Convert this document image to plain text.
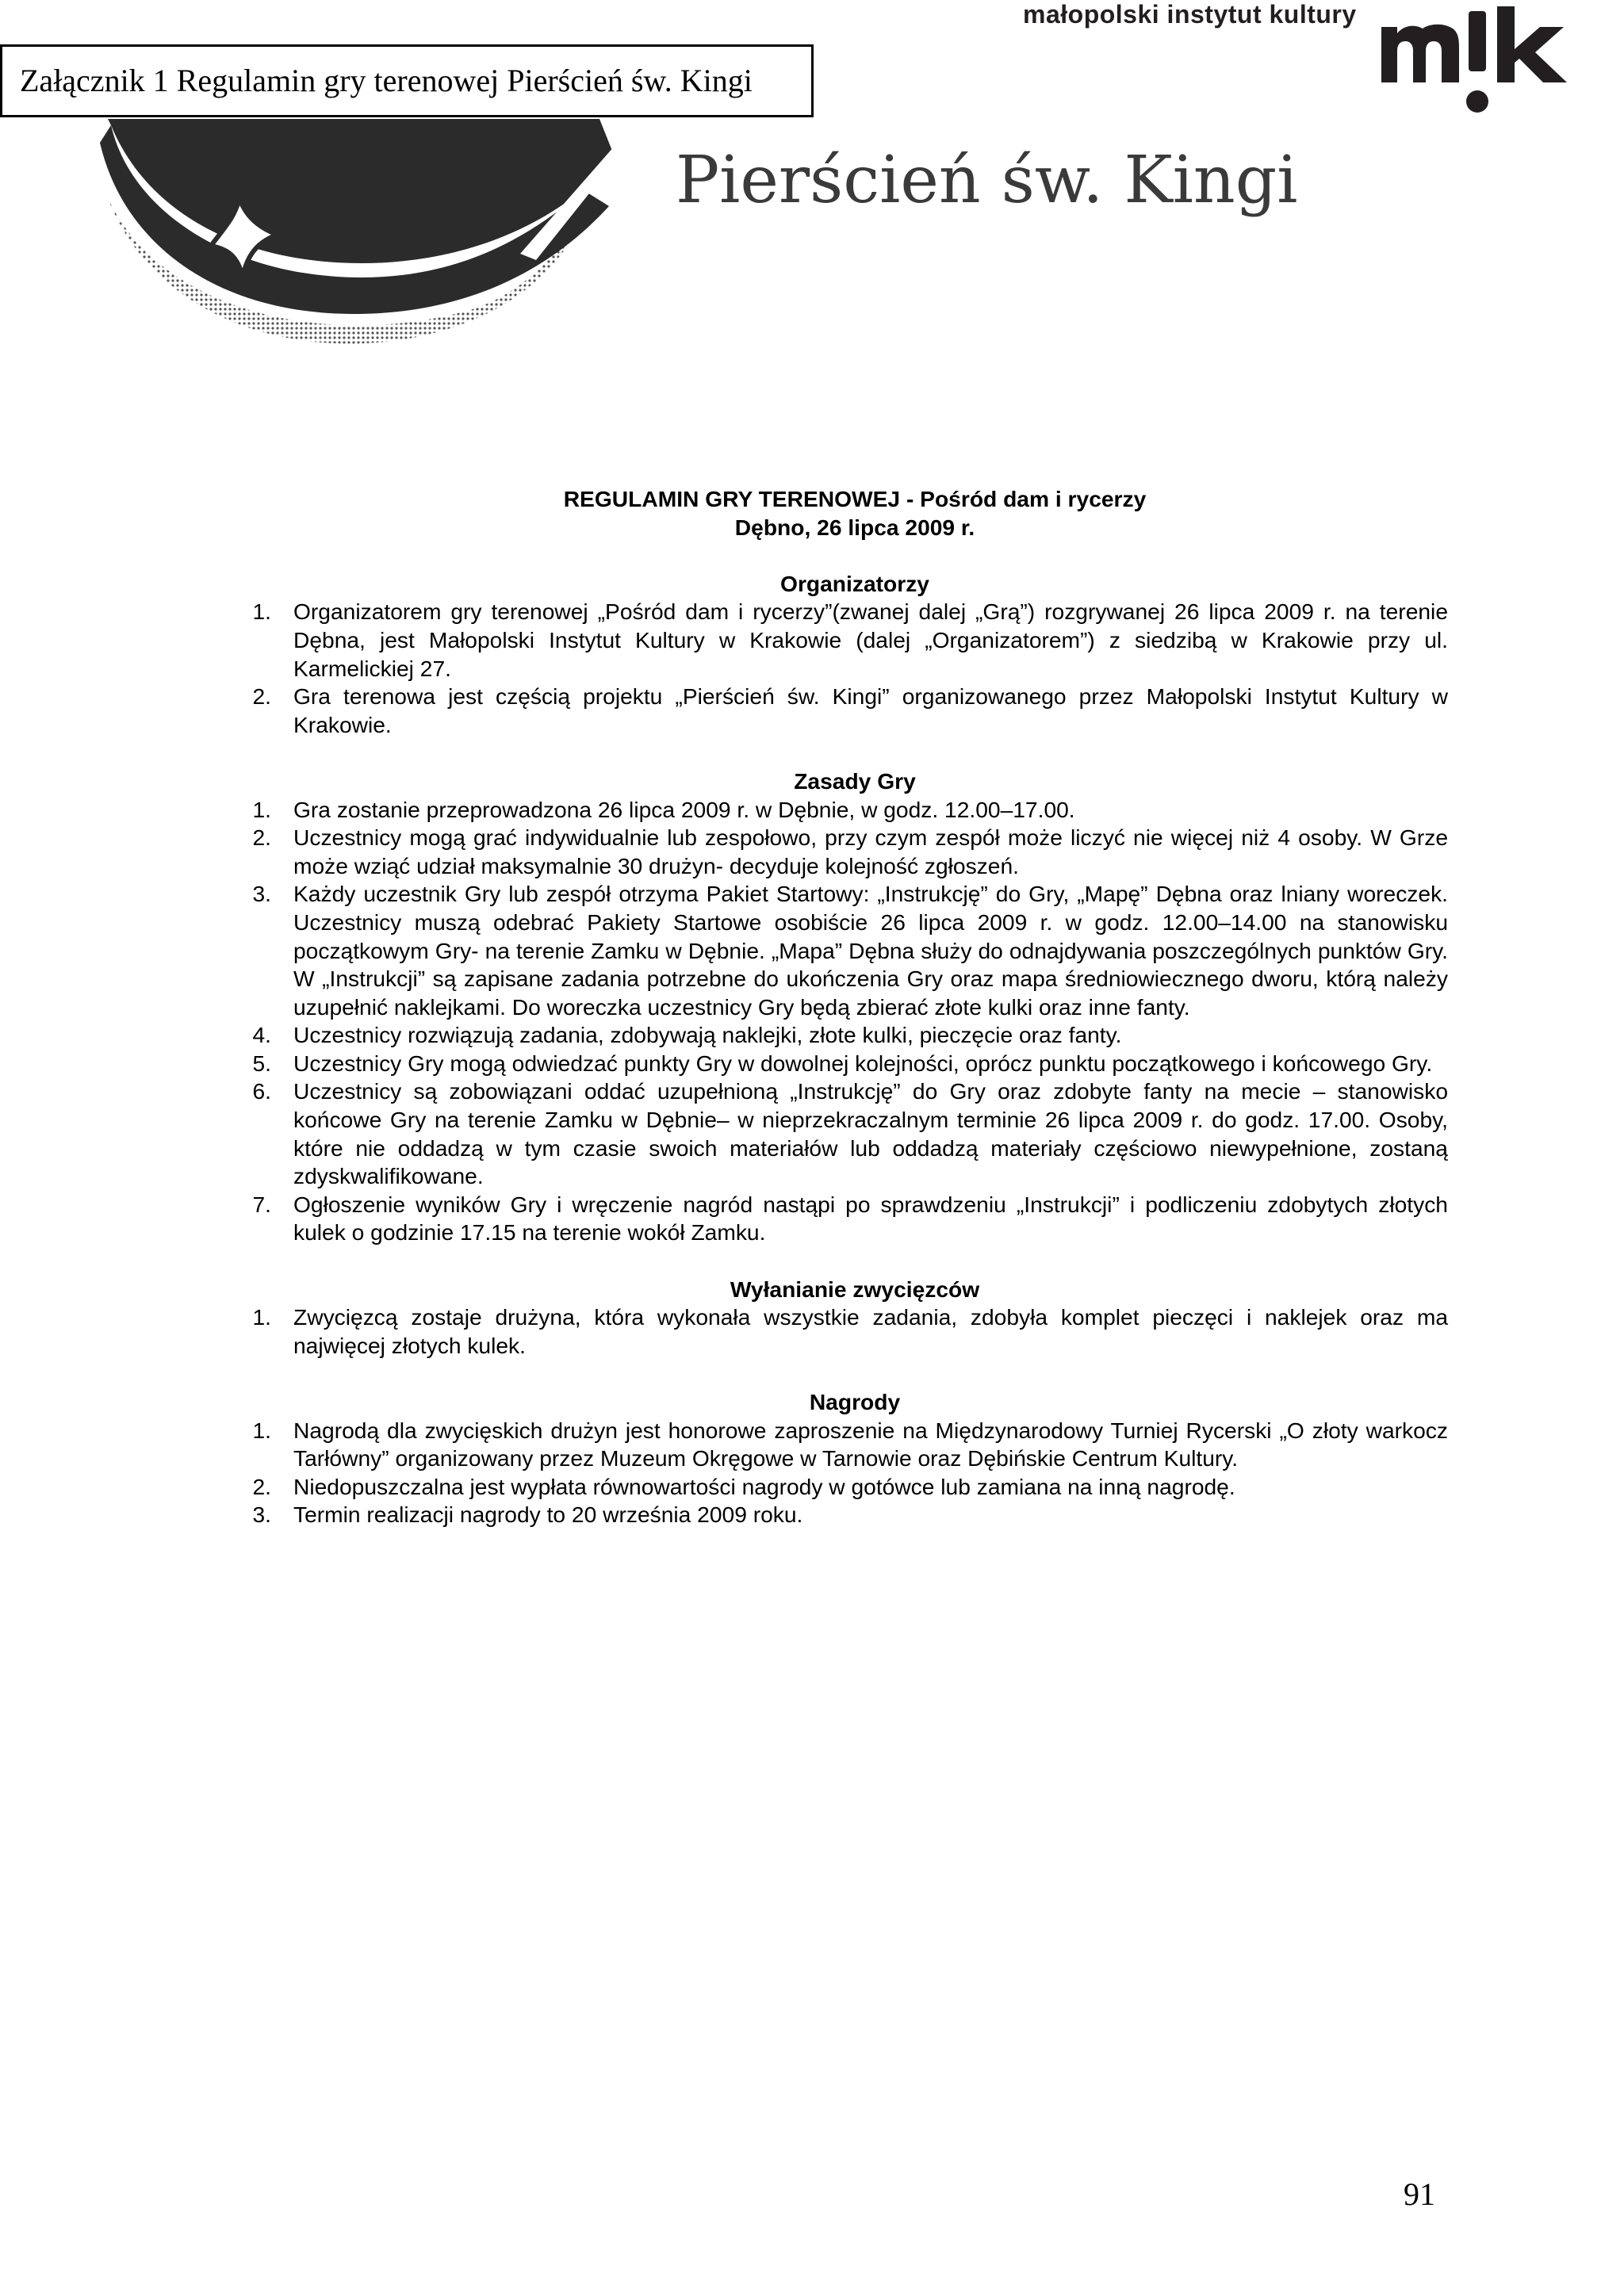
Załącznik 1 Regulamin gry terenowej Pierścień św. Kingi
małopolski instytut kultury
Pierścień św. Kingi
REGULAMIN GRY TERENOWEJ - Pośród dam i rycerzy
Dębno, 26 lipca 2009 r.
Organizatorzy
1. Organizatorem gry terenowej „Pośród dam i rycerzy”(zwanej dalej „Grą”) rozgrywanej 26 lipca 2009 r. na terenie Dębna, jest Małopolski Instytut Kultury w Krakowie (dalej „Organizatorem”) z siedzibą w Krakowie przy ul. Karmelickiej 27.
2. Gra terenowa jest częścią projektu „Pierścień św. Kingi” organizowanego przez Małopolski Instytut Kultury w Krakowie.
Zasady Gry
1. Gra zostanie przeprowadzona 26 lipca 2009 r. w Dębnie, w godz. 12.00–17.00.
2. Uczestnicy mogą grać indywidualnie lub zespołowo, przy czym zespół może liczyć nie więcej niż 4 osoby. W Grze może wziąć udział maksymalnie 30 drużyn- decyduje kolejność zgłoszeń.
3. Każdy uczestnik Gry lub zespół otrzyma Pakiet Startowy: „Instrukcję” do Gry, „Mapę” Dębna oraz lniany woreczek. Uczestnicy muszą odebrać Pakiety Startowe osobiście 26 lipca 2009 r. w godz. 12.00–14.00 na stanowisku początkowym Gry- na terenie Zamku w Dębnie. „Mapa” Dębna służy do odnajdywania poszczególnych punktów Gry. W „Instrukcji” są zapisane zadania potrzebne do ukończenia Gry oraz mapa średniowiecznego dworu, którą należy uzupełnić naklejkami. Do woreczka uczestnicy Gry będą zbierać złote kulki oraz inne fanty.
4. Uczestnicy rozwiązują zadania, zdobywają naklejki, złote kulki, pieczęcie oraz fanty.
5. Uczestnicy Gry mogą odwiedzać punkty Gry w dowolnej kolejności, oprócz punktu początkowego i końcowego Gry.
6. Uczestnicy są zobowiązani oddać uzupełnioną „Instrukcję” do Gry oraz zdobyte fanty na mecie – stanowisko końcowe Gry na terenie Zamku w Dębnie– w nieprzekraczalnym terminie 26 lipca 2009 r. do godz. 17.00. Osoby, które nie oddadzą w tym czasie swoich materiałów lub oddadzą materiały częściowo niewypełnione, zostaną zdyskwalifikowane.
7. Ogłoszenie wyników Gry i wręczenie nagród nastąpi po sprawdzeniu „Instrukcji” i podliczeniu zdobytych złotych kulek o godzinie 17.15 na terenie wokół Zamku.
Wyłanianie zwycięzców
1. Zwycięzcą zostaje drużyna, która wykonała wszystkie zadania, zdobyła komplet pieczęci i naklejek oraz ma najwięcej złotych kulek.
Nagrody
1. Nagrodą dla zwycięskich drużyn jest honorowe zaproszenie na Międzynarodowy Turniej Rycerski „O złoty warkocz Tarłówny” organizowany przez Muzeum Okręgowe w Tarnowie oraz Dębińskie Centrum Kultury.
2. Niedopuszczalna jest wypłata równowartości nagrody w gotówce lub zamiana na inną nagrodę.
3. Termin realizacji nagrody to 20 września 2009 roku.
91
